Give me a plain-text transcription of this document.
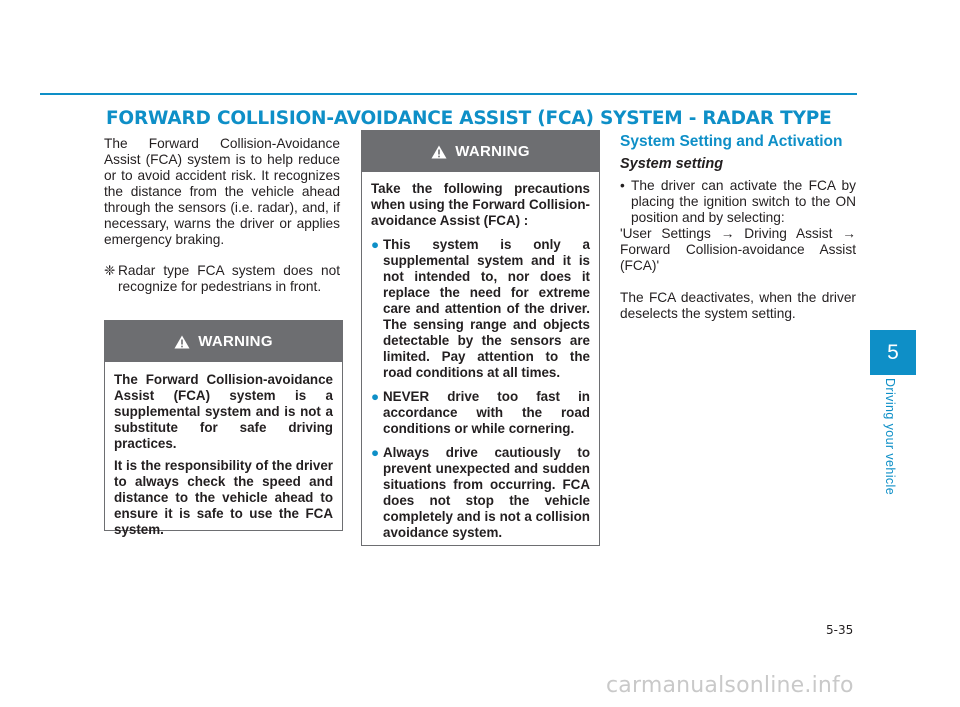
FORWARD COLLISION-AVOIDANCE ASSIST (FCA) SYSTEM - RADAR TYPE

The Forward Collision-Avoidance Assist (FCA) system is to help reduce or to avoid accident risk. It recognizes the distance from the vehicle ahead through the sensors (i.e. radar), and, if necessary, warns the driver or applies emergency braking.

❈ Radar type FCA system does not recognize for pedestrians in front.
WARNING

The Forward Collision-avoidance Assist (FCA) system is a supplemental system and is not a substitute for safe driving practices.

It is the responsibility of the driver to always check the speed and distance to the vehicle ahead to ensure it is safe to use the FCA system.

WARNING

Take the following precautions when using the Forward Collision-avoidance Assist (FCA) :

● This system is only a supplemental system and it is not intended to, nor does it replace the need for extreme care and attention of the driver. The sensing range and objects detectable by the sensors are limited. Pay attention to the road conditions at all times.
● NEVER drive too fast in accordance with the road conditions or while cornering.
● Always drive cautiously to prevent unexpected and sudden situations from occurring. FCA does not stop the vehicle completely and is not a collision avoidance system.
System Setting and Activation
System setting
• The driver can activate the FCA by placing the ignition switch to the ON position and by selecting:

'User Settings → Driving Assist → Forward Collision-avoidance Assist (FCA)'

The FCA deactivates, when the driver deselects the system setting.

5
Driving your vehicle
5-35
carmanualsonline.info
